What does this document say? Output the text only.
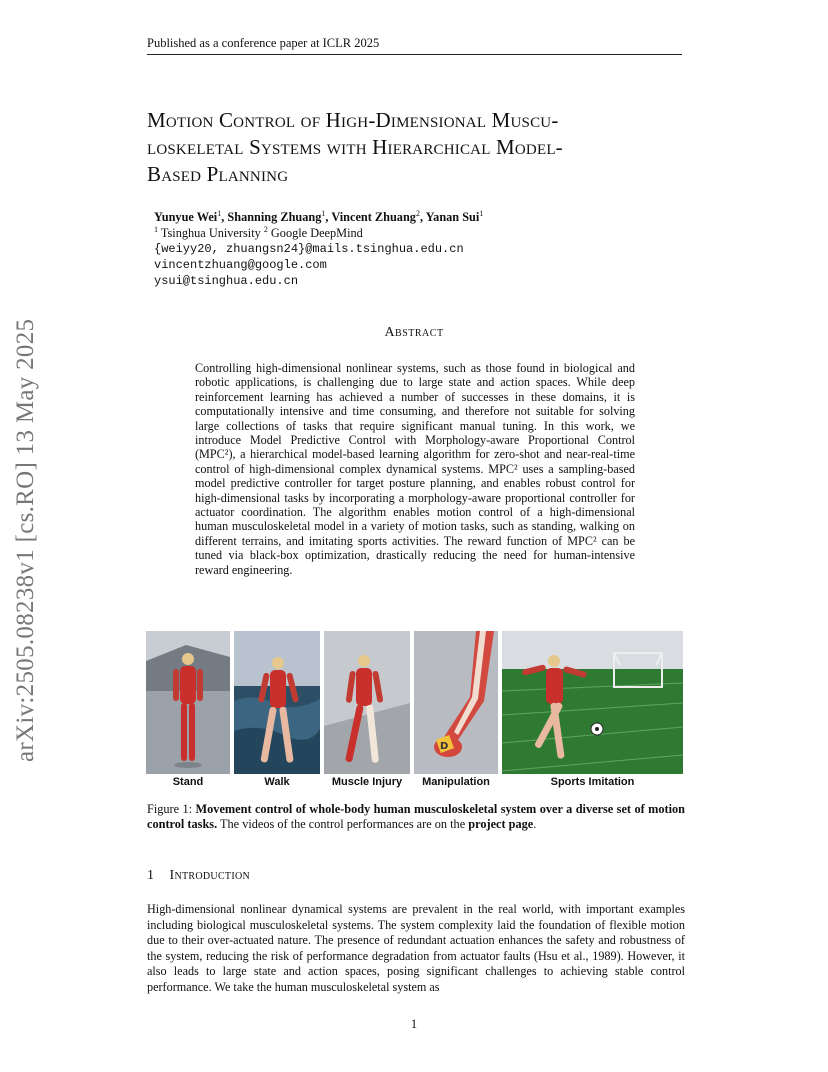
Published as a conference paper at ICLR 2025
Motion Control of High-Dimensional Muscu-
loskeletal Systems with Hierarchical Model-
Based Planning
Yunyue Wei$^1$, Shanning Zhuang$^1$, Vincent Zhuang$^2$, Yanan Sui$^1$
$^1$ Tsinghua University $^2$ Google DeepMind
{weiyy20, zhuangsn24}@mails.tsinghua.edu.cn
vincentzhuang@google.com
ysui@tsinghua.edu.cn
Abstract
Controlling high-dimensional nonlinear systems, such as those found in biological and robotic applications, is challenging due to large state and action spaces. While deep reinforcement learning has achieved a number of successes in these domains, it is computationally intensive and time consuming, and therefore not suitable for solving large collections of tasks that require significant manual tuning. In this work, we introduce Model Predictive Control with Morphology-aware Proportional Control (MPC²), a hierarchical model-based learning algorithm for zero-shot and near-real-time control of high-dimensional complex dynamical systems. MPC² uses a sampling-based model predictive controller for target posture planning, and enables robust control for high-dimensional tasks by incorporating a morphology-aware proportional controller for actuator coordination. The algorithm enables motion control of a high-dimensional human musculoskeletal model in a variety of motion tasks, such as standing, walking on different terrains, and imitating sports activities. The reward function of MPC² can be tuned via black-box optimization, drastically reducing the need for human-intensive reward engineering.
arXiv:2505.08238v1 [cs.RO] 13 May 2025	D
Stand	Walk	Muscle Injury	Manipulation	Sports Imitation
Figure 1: Movement control of whole-body human musculoskeletal system over a diverse set of motion control tasks. The videos of the control performances are on the project page.
1 Introduction
High-dimensional nonlinear dynamical systems are prevalent in the real world, with important examples including biological musculoskeletal systems. The system complexity laid the foundation of flexible motion due to their over-actuated nature. The presence of redundant actuation enhances the safety and robustness of the system, reducing the risk of performance degradation from actuator faults (Hsu et al., 1989). However, it also leads to large state and action spaces, posing significant challenges to achieving stable control performance. We take the human musculoskeletal system as
1
